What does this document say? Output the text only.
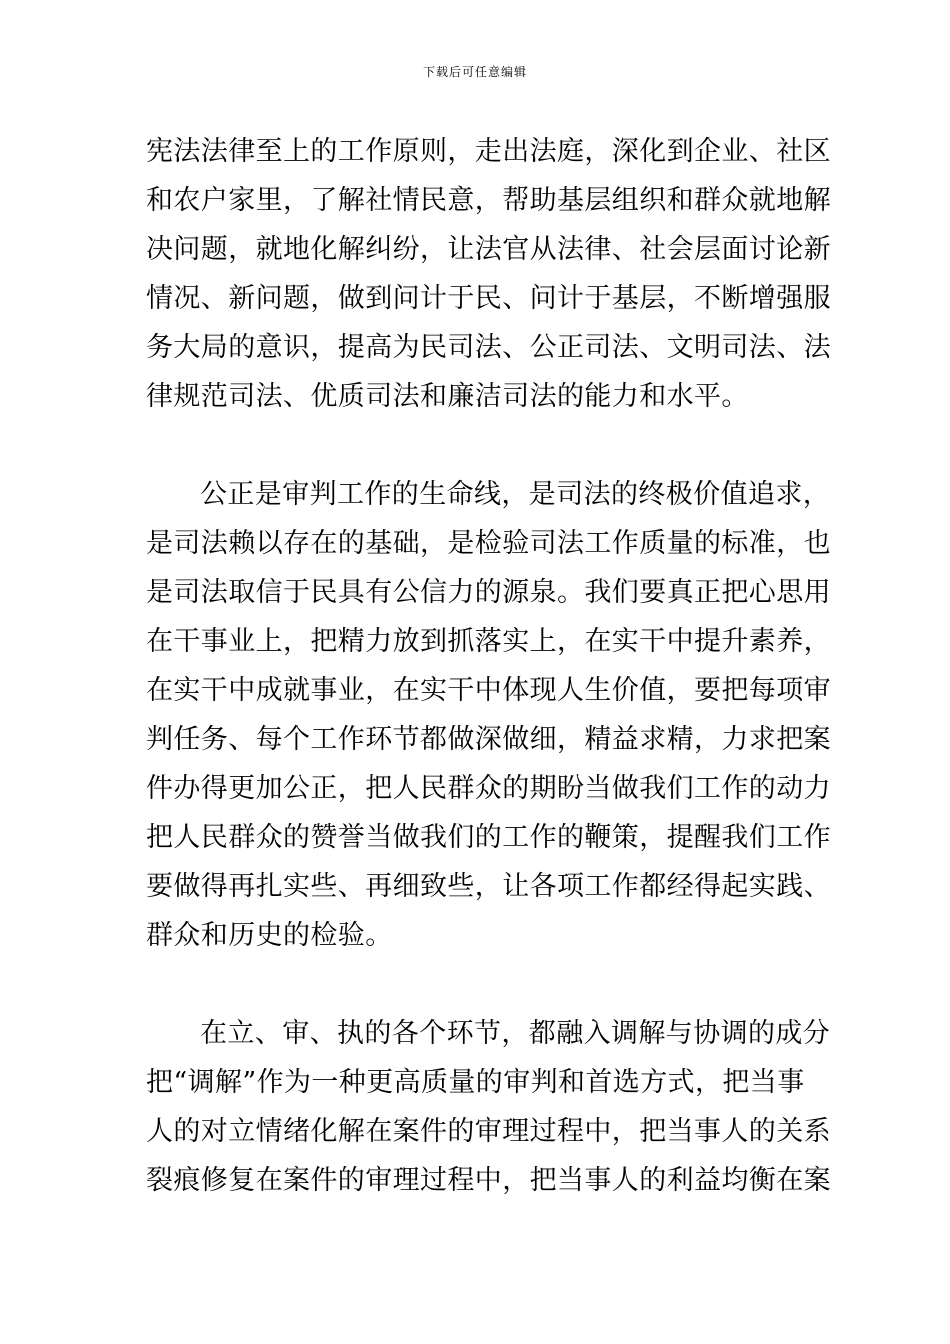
下载后可任意编辑
宪法法律至上的工作原则，走出法庭，深化到企业、社区
和农户家里，了解社情民意，帮助基层组织和群众就地解
决问题，就地化解纠纷，让法官从法律、社会层面讨论新
情况、新问题，做到问计于民、问计于基层，不断增强服
务大局的意识，提高为民司法、公正司法、文明司法、法
律规范司法、优质司法和廉洁司法的能力和水平。
公正是审判工作的生命线，是司法的终极价值追求，
是司法赖以存在的基础，是检验司法工作质量的标准，也
是司法取信于民具有公信力的源泉。我们要真正把心思用
在干事业上，把精力放到抓落实上，在实干中提升素养，
在实干中成就事业，在实干中体现人生价值，要把每项审
判任务、每个工作环节都做深做细，精益求精，力求把案
件办得更加公正，把人民群众的期盼当做我们工作的动力
把人民群众的赞誉当做我们的工作的鞭策，提醒我们工作
要做得再扎实些、再细致些，让各项工作都经得起实践、
群众和历史的检验。
在立、审、执的各个环节，都融入调解与协调的成分
把“调解”作为一种更高质量的审判和首选方式，把当事
人的对立情绪化解在案件的审理过程中，把当事人的关系
裂痕修复在案件的审理过程中，把当事人的利益均衡在案
